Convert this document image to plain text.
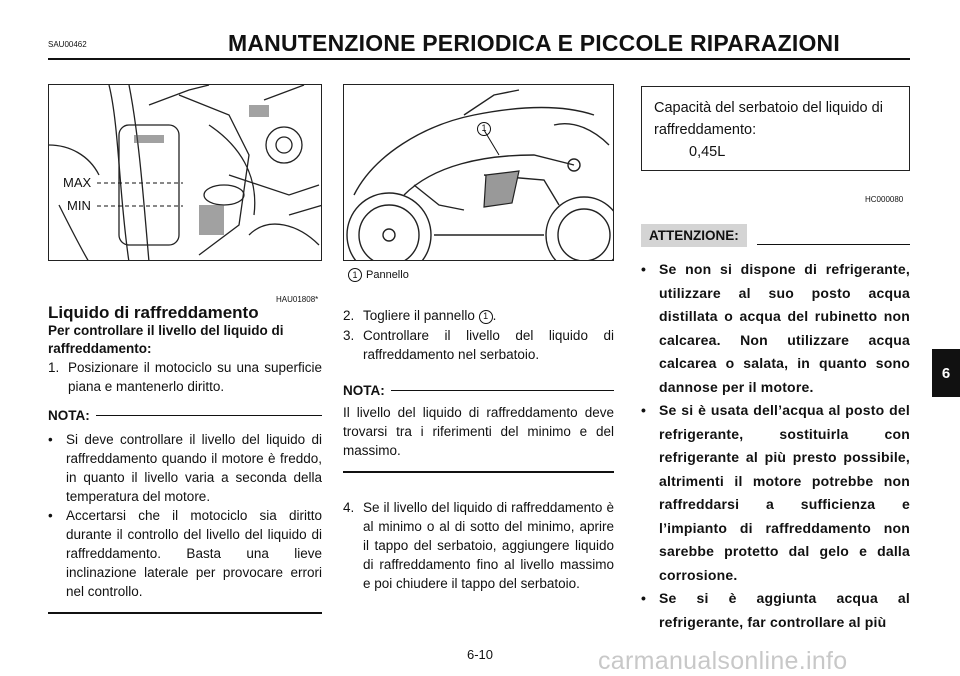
SAU00462	MANUTENZIONE PERIODICA E PICCOLE RIPARAZIONI
6
MAX
MIN
HAU01808*
Liquido di raffreddamento
Per controllare il livello del liquido di raffreddamento:
1. Posizionare il motociclo su una superficie piana e mantenerlo diritto.
NOTA:
• Si deve controllare il livello del liquido di raffreddamento quando il motore è freddo, in quanto il livello varia a seconda della temperatura del motore.
• Accertarsi che il motociclo sia diritto durante il controllo del livello del liquido di raffreddamento. Basta una lieve inclinazione laterale per provocare errori nel controllo.
1
1 Pannello
2. Togliere il pannello 1 .
3. Controllare il livello del liquido di raffreddamento nel serbatoio.
NOTA:
Il livello del liquido di raffreddamento deve trovarsi tra i riferimenti del minimo e del massimo.
4. Se il livello del liquido di raffreddamento è al minimo o al di sotto del minimo, aprire il tappo del serbatoio, aggiungere liquido di raffreddamento fino al livello massimo e poi chiudere il tappo del serbatoio.
Capacità del serbatoio del liquido di raffreddamento:
0,45L
HC000080
ATTENZIONE:
• Se non si dispone di refrigerante, utilizzare al suo posto acqua distillata o acqua del rubinetto non calcarea. Non utilizzare acqua calcarea o salata, in quanto sono dannose per il motore.
• Se si è usata dell’acqua al posto del refrigerante, sostituirla con refrigerante al più presto possibile, altrimenti il motore potrebbe non raffreddarsi a sufficienza e l’impianto di raffreddamento non sarebbe protetto dal gelo e dalla corrosione.
• Se si è aggiunta acqua al refrigerante, far controllare al più
6-10	carmanualsonline.info
